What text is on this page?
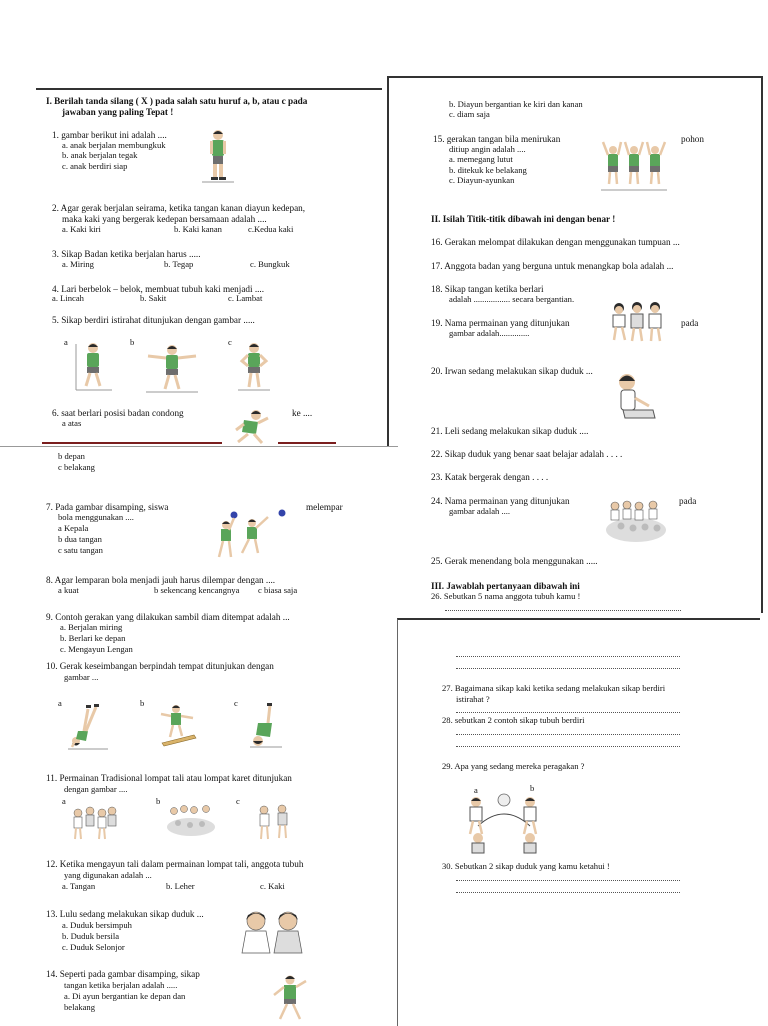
I. Berilah tanda silang ( X ) pada salah satu huruf a, b, atau c pada
jawaban yang paling Tepat !
1. gambar berikut ini adalah ....
a. anak berjalan membungkuk
b. anak berjalan tegak
c. anak berdiri siap
2. Agar gerak berjalan seirama, ketika tangan kanan diayun kedepan,
maka kaki yang bergerak kedepan bersamaan adalah ....
a. Kaki kiri	b. Kaki kanan	c.Kedua kaki
3. Sikap Badan ketika berjalan harus .....
a. Miring	b. Tegap	c. Bungkuk
4. Lari berbelok – belok, membuat tubuh kaki menjadi ....
a. Lincah	b. Sakit	c. Lambat
5. Sikap berdiri istirahat ditunjukan dengan gambar .....
a	b	c
6. saat berlari posisi badan condong	ke ....
a atas
b. Diayun bergantian ke kiri dan kanan
c. diam saja
15. gerakan tangan bila menirukan	pohon
ditiup angin adalah ....
a. memegang lutut
b. ditekuk ke belakang
c. Diayun-ayunkan
II. Isilah Titik-titik dibawah ini dengan benar !
16. Gerakan melompat dilakukan dengan menggunakan tumpuan ...
17. Anggota badan yang berguna untuk menangkap bola adalah ...
18. Sikap tangan ketika berlari
adalah ................. secara bergantian.
19. Nama permainan yang ditunjukan	pada
gambar adalah..............
20. Irwan sedang melakukan sikap duduk ...
21. Leli sedang melakukan sikap duduk ....
22. Sikap duduk yang benar saat belajar adalah . . . .
23. Katak bergerak dengan . . . .
24. Nama permainan yang ditunjukan	pada
gambar adalah ....
25. Gerak menendang bola menggunakan .....
III. Jawablah pertanyaan dibawah ini
26. Sebutkan 5 nama anggota tubuh kamu !
b depan
c belakang
7. Pada gambar disamping, siswa	melempar
bola menggunakan ....
a Kepala
b dua tangan
c satu tangan
8. Agar lemparan bola menjadi jauh harus dilempar dengan ....
a kuat	b sekencang kencangnya c biasa saja
9. Contoh gerakan yang dilakukan sambil diam ditempat adalah ...
a. Berjalan miring
b. Berlari ke depan
c. Mengayun Lengan
10. Gerak keseimbangan berpindah tempat ditunjukan dengan
gambar ...
a	b	c
11. Permainan Tradisional lompat tali atau lompat karet ditunjukan
dengan gambar ....
a	b	c
12. Ketika mengayun tali dalam permainan lompat tali, anggota tubuh
yang digunakan adalah ...
a. Tangan	b. Leher	c. Kaki
13. Lulu sedang melakukan sikap duduk ...
a. Duduk bersimpuh
b. Duduk bersila
c. Duduk Selonjor
14. Seperti pada gambar disamping, sikap
tangan ketika berjalan adalah .....
a. Di ayun bergantian ke depan dan
belakang
27. Bagaimana sikap kaki ketika sedang melakukan sikap berdiri
istirahat ?
28. sebutkan 2 contoh sikap tubuh berdiri
29. Apa yang sedang mereka peragakan ?
a	b
30. Sebutkan 2 sikap duduk yang kamu ketahui !
